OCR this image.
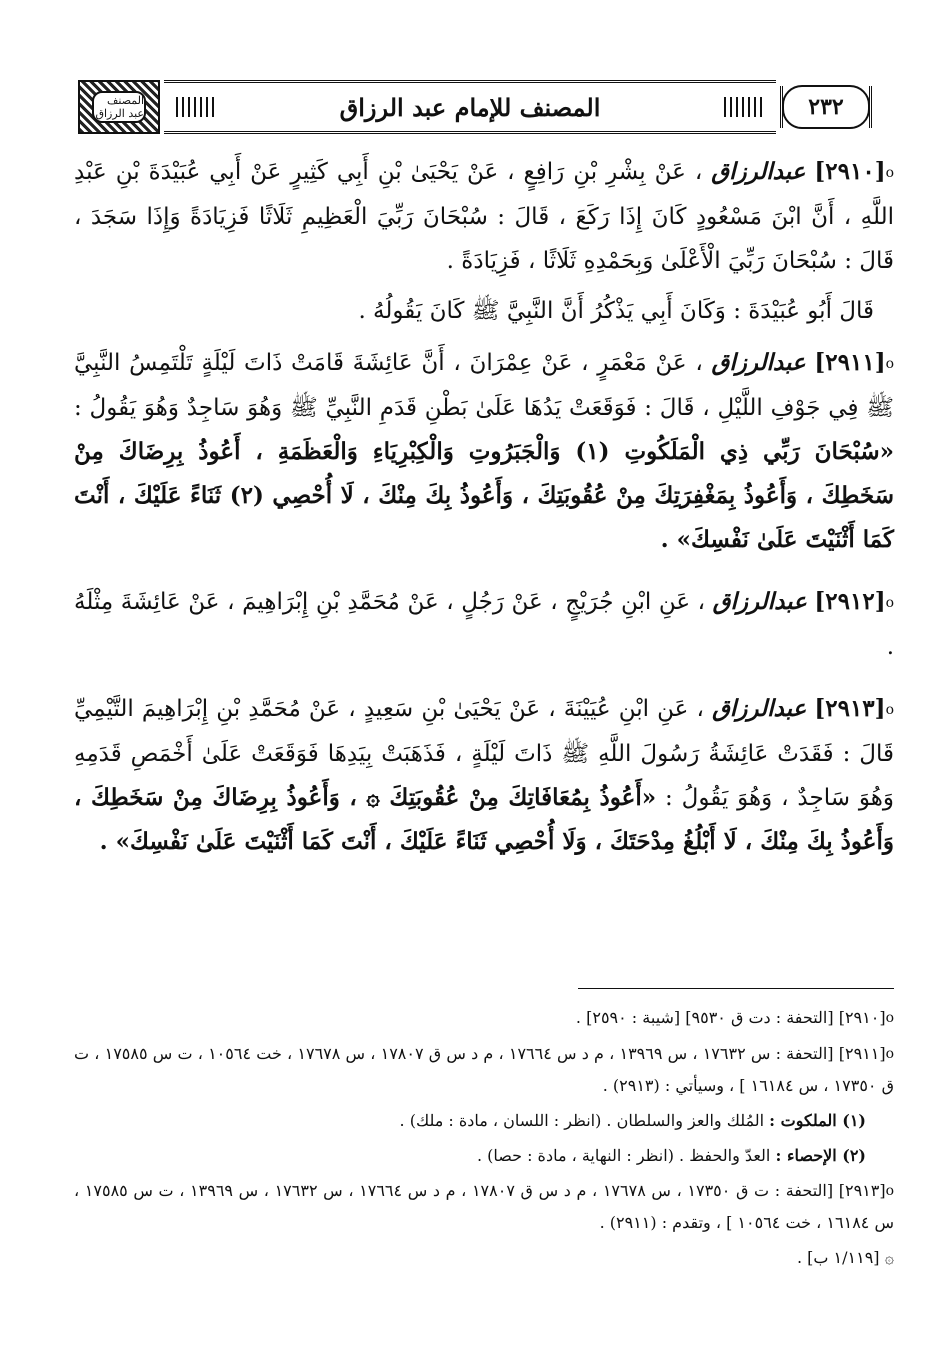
المصنف عبد الرزاق	المصنف للإمام عبد الرزاق	٢٣٢

o[٢٩١٠] عبدالرزاق ، عَنْ بِشْرِ بْنِ رَافِعٍ ، عَنْ يَحْيَىٰ بْنِ أَبِي كَثِيرٍ عَنْ أَبِي عُبَيْدَةَ بْنِ عَبْدِ اللَّهِ ، أَنَّ ابْنَ مَسْعُودٍ كَانَ إِذَا رَكَعَ ، قَالَ : سُبْحَانَ رَبِّيَ الْعَظِيمِ ثَلَاثًا فَزِيَادَةً وَإِذَا سَجَدَ ، قَالَ : سُبْحَانَ رَبِّيَ الْأَعْلَىٰ وَبِحَمْدِهِ ثَلَاثًا ، فَزِيَادَةً .

قَالَ أَبُو عُبَيْدَةَ : وَكَانَ أَبِي يَذْكُرُ أَنَّ النَّبِيَّ ﷺ كَانَ يَقُولُهُ .

o[٢٩١١] عبدالرزاق ، عَنْ مَعْمَرٍ ، عَنْ عِمْرَانَ ، أَنَّ عَائِشَةَ قَامَتْ ذَاتَ لَيْلَةٍ تَلْتَمِسُ النَّبِيَّ ﷺ فِي جَوْفِ اللَّيْلِ ، قَالَ : فَوَقَعَتْ يَدُهَا عَلَىٰ بَطْنِ قَدَمِ النَّبِيِّ ﷺ وَهُوَ سَاجِدٌ وَهُوَ يَقُولُ : «سُبْحَانَ رَبِّي ذِي الْمَلَكُوتِ (١) وَالْجَبَرُوتِ وَالْكِبْرِيَاءِ وَالْعَظَمَةِ ، أَعُوذُ بِرِضَاكَ مِنْ سَخَطِكَ ، وَأَعُوذُ بِمَغْفِرَتِكَ مِنْ عُقُوبَتِكَ ، وَأَعُوذُ بِكَ مِنْكَ ، لَا أُحْصِي (٢) ثَنَاءً عَلَيْكَ ، أَنْتَ كَمَا أَثْنَيْتَ عَلَىٰ نَفْسِكَ» .

o[٢٩١٢] عبدالرزاق ، عَنِ ابْنِ جُرَيْجٍ ، عَنْ رَجُلٍ ، عَنْ مُحَمَّدِ بْنِ إِبْرَاهِيمَ ، عَنْ عَائِشَةَ مِثْلَهُ .

o[٢٩١٣] عبدالرزاق ، عَنِ ابْنِ عُيَيْنَةَ ، عَنْ يَحْيَىٰ بْنِ سَعِيدٍ ، عَنْ مُحَمَّدِ بْنِ إِبْرَاهِيمَ التَّيْمِيِّ قَالَ : فَقَدَتْ عَائِشَةُ رَسُولَ اللَّهِ ﷺ ذَاتَ لَيْلَةٍ ، فَذَهَبَتْ بِيَدِهَا فَوَقَعَتْ عَلَىٰ أَخْمَصِ قَدَمِهِ وَهُوَ سَاجِدٌ ، وَهُوَ يَقُولُ : «أَعُوذُ بِمُعَافَاتِكَ مِنْ عُقُوبَتِكَ ۞ ، وَأَعُوذُ بِرِضَاكَ مِنْ سَخَطِكَ ، وَأَعُوذُ بِكَ مِنْكَ ، لَا أَبْلُغُ مِدْحَتَكَ ، وَلَا أُحْصِي ثَنَاءً عَلَيْكَ ، أَنْتَ كَمَا أَثْنَيْتَ عَلَىٰ نَفْسِكَ» .

o[٢٩١٠] [التحفة : دت ق ٩٥٣٠] [شيبة : ٢٥٩٠] .

o[٢٩١١] [التحفة : س ١٧٦٣٢ ، س ١٣٩٦٩ ، م د س ١٧٦٦٤ ، م د س ق ١٧٨٠٧ ، س ١٧٦٧٨ ، خت ١٠٥٦٤ ، ت س ١٧٥٨٥ ، ت ق ١٧٣٥٠ ، س ١٦١٨٤ ] ، وسيأتي : (٢٩١٣) .

(١) الملكوت : المُلك والعز والسلطان . (انظر : اللسان ، مادة : ملك) .

(٢) الإحصاء : العدّ والحفظ . (انظر : النهاية ، مادة : حصا) .

o[٢٩١٣] [التحفة : ت ق ١٧٣٥٠ ، س ١٧٦٧٨ ، م د س ق ١٧٨٠٧ ، م د س ١٧٦٦٤ ، س ١٧٦٣٢ ، س ١٣٩٦٩ ، ت س ١٧٥٨٥ ، س ١٦١٨٤ ، خت ١٠٥٦٤ ] ، وتقدم : (٢٩١١) .

۞ [١/١١٩ ب] .
